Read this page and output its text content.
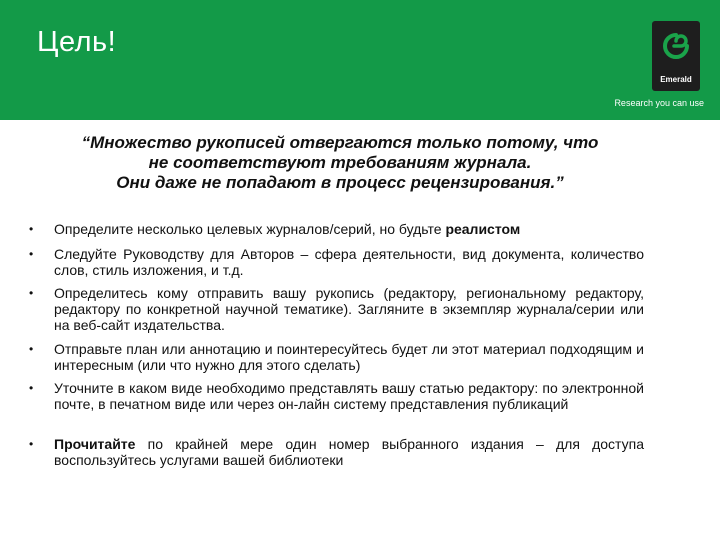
Цель!
Emerald
Research you can use
“Множество рукописей отвергаются только потому, что
не соответствуют требованиям журнала.
Они даже не попадают в процесс рецензирования.”
• Определите несколько целевых журналов/серий, но будьте реалистом
• Следуйте Руководству для Авторов – сфера деятельности, вид документа, количество слов, стиль изложения, и т.д.
• Определитесь кому отправить вашу рукопись (редактору, региональному редактору, редактору по конкретной научной тематике). Загляните в экземпляр журнала/серии или на веб-сайт издательства.
• Отправьте план или аннотацию и поинтересуйтесь будет ли этот материал подходящим и интересным (или что нужно для этого сделать)
• Уточните в каком виде необходимо представлять вашу статью редактору: по электронной почте, в печатном виде или через он-лайн систему представления публикаций
• Прочитайте по крайней мере один номер выбранного издания – для доступа воспользуйтесь услугами вашей библиотеки
